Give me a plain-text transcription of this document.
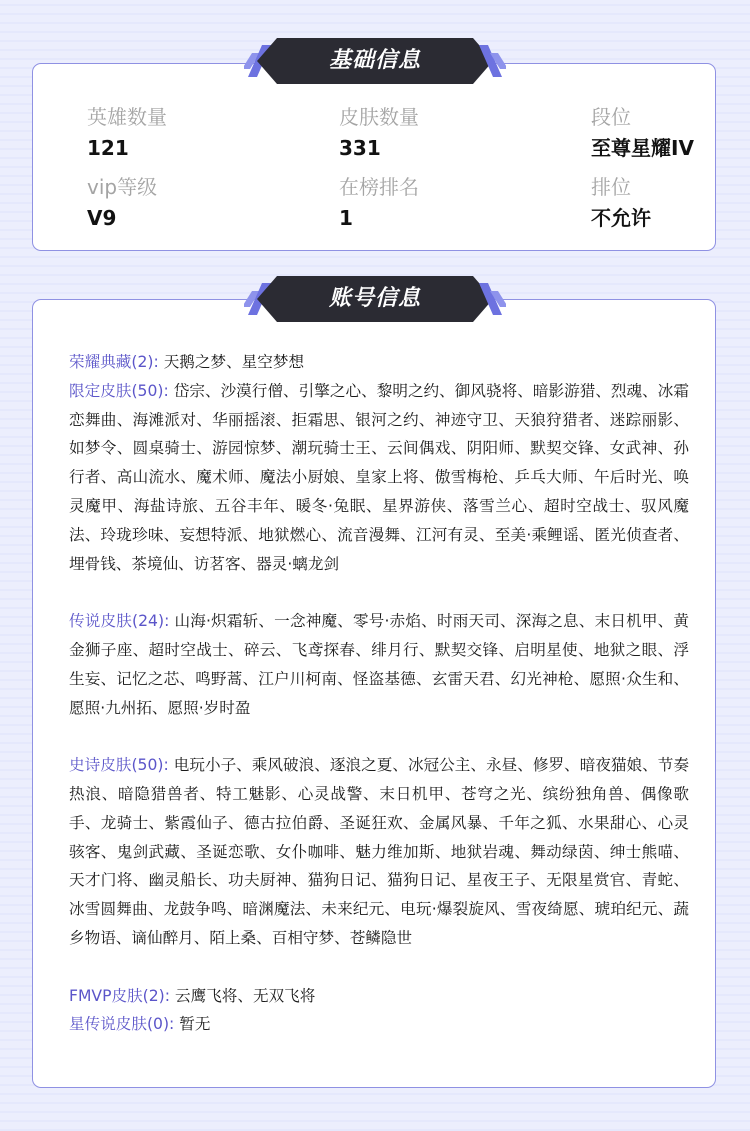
英雄数量
121
皮肤数量
331
段位
至尊星耀IV
vip等级
V9
在榜排名
1
排位
不允许
基础信息
荣耀典藏(2): 天鹅之梦、星空梦想
限定皮肤(50): 岱宗、沙漠行僧、引擎之心、黎明之约、御风骁将、暗影游猎、烈魂、冰霜恋舞曲、海滩派对、华丽摇滚、拒霜思、银河之约、神迹守卫、天狼狩猎者、迷踪丽影、如梦令、圆桌骑士、游园惊梦、潮玩骑士王、云间偶戏、阴阳师、默契交锋、女武神、孙行者、高山流水、魔术师、魔法小厨娘、皇家上将、傲雪梅枪、乒乓大师、午后时光、唤灵魔甲、海盐诗旅、五谷丰年、暖冬·兔眠、星界游侠、落雪兰心、超时空战士、驭风魔法、玲珑珍味、妄想特派、地狱燃心、流音漫舞、江河有灵、至美·乘鲤谣、匿光侦查者、埋骨钱、茶境仙、访茗客、器灵·螭龙剑
传说皮肤(24): 山海·炽霜斩、一念神魔、零号·赤焰、时雨天司、深海之息、末日机甲、黄金狮子座、超时空战士、碎云、飞鸢探春、绯月行、默契交锋、启明星使、地狱之眼、浮生妄、记忆之芯、鸣野蒿、江户川柯南、怪盗基德、玄雷天君、幻光神枪、愿照·众生和、愿照·九州拓、愿照·岁时盈
史诗皮肤(50): 电玩小子、乘风破浪、逐浪之夏、冰冠公主、永昼、修罗、暗夜猫娘、节奏热浪、暗隐猎兽者、特工魅影、心灵战警、末日机甲、苍穹之光、缤纷独角兽、偶像歌手、龙骑士、紫霞仙子、德古拉伯爵、圣诞狂欢、金属风暴、千年之狐、水果甜心、心灵骇客、鬼剑武藏、圣诞恋歌、女仆咖啡、魅力维加斯、地狱岩魂、舞动绿茵、绅士熊喵、天才门将、幽灵船长、功夫厨神、猫狗日记、猫狗日记、星夜王子、无限星赏官、青蛇、冰雪圆舞曲、龙鼓争鸣、暗渊魔法、未来纪元、电玩·爆裂旋风、雪夜绮愿、琥珀纪元、蔬乡物语、谪仙醉月、陌上桑、百相守梦、苍鳞隐世
FMVP皮肤(2): 云鹰飞将、无双飞将
星传说皮肤(0): 暂无
账号信息
